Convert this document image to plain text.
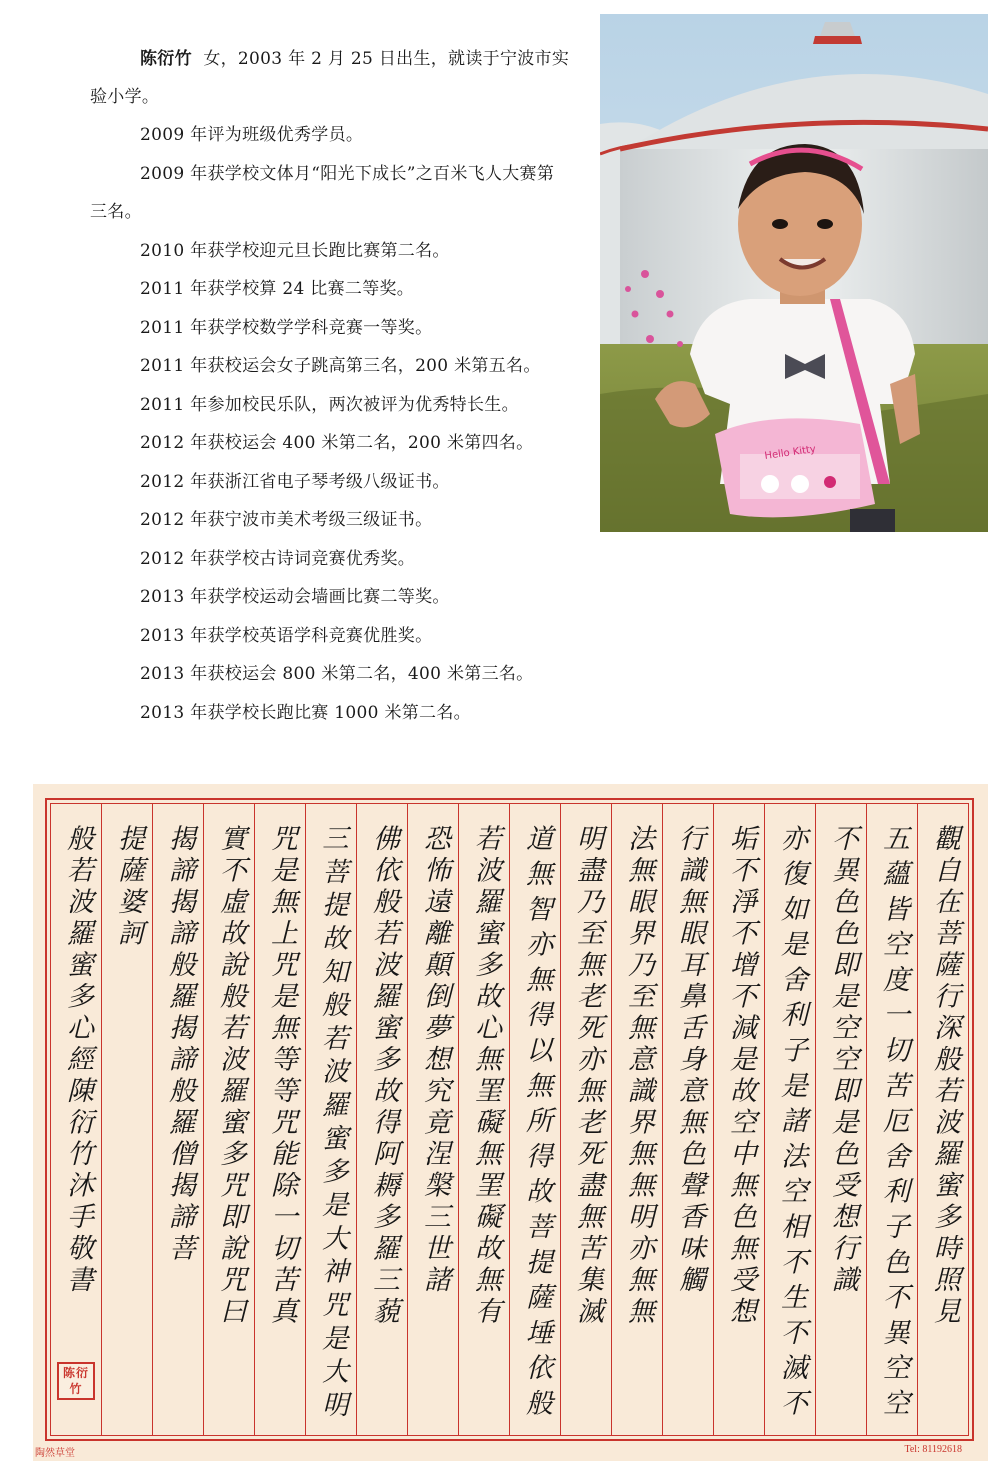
陈衍竹 女，2003 年 2 月 25 日出生，就读于宁波市实验小学。

2009 年评为班级优秀学员。
2009 年获学校文体月“阳光下成长”之百米飞人大赛第三名。
2010 年获学校迎元旦长跑比赛第二名。
2011 年获学校算 24 比赛二等奖。
2011 年获学校数学学科竞赛一等奖。
2011 年获校运会女子跳高第三名，200 米第五名。
2011 年参加校民乐队，两次被评为优秀特长生。
2012 年获校运会 400 米第二名，200 米第四名。
2012 年获浙江省电子琴考级八级证书。
2012 年获宁波市美术考级三级证书。
2012 年获学校古诗词竞赛优秀奖。
2013 年获学校运动会墙画比赛二等奖。
2013 年获学校英语学科竞赛优胜奖。
2013 年获校运会 800 米第二名，400 米第三名。
2013 年获学校长跑比赛 1000 米第二名。
Hello Kitty
觀自在菩薩行深般若波羅蜜多時照見
五蘊皆空度一切苦厄舍利子色不異空空
不異色色即是空空即是色受想行識
亦復如是舍利子是諸法空相不生不滅不
垢不淨不增不減是故空中無色無受想
行識無眼耳鼻舌身意無色聲香味觸
法無眼界乃至無意識界無無明亦無無
明盡乃至無老死亦無老死盡無苦集滅
道無智亦無得以無所得故菩提薩埵依般
若波羅蜜多故心無罣礙無罣礙故無有
恐怖遠離顛倒夢想究竟涅槃三世諸
佛依般若波羅蜜多故得阿耨多羅三藐
三菩提故知般若波羅蜜多是大神咒是大明
咒是無上咒是無等等咒能除一切苦真
實不虛故說般若波羅蜜多咒即說咒曰
揭諦揭諦般羅揭諦般羅僧揭諦菩
提薩婆訶
般若波羅蜜多心經陳衍竹沐手敬書
陈衍竹
陶然草堂	Tel: 81192618
